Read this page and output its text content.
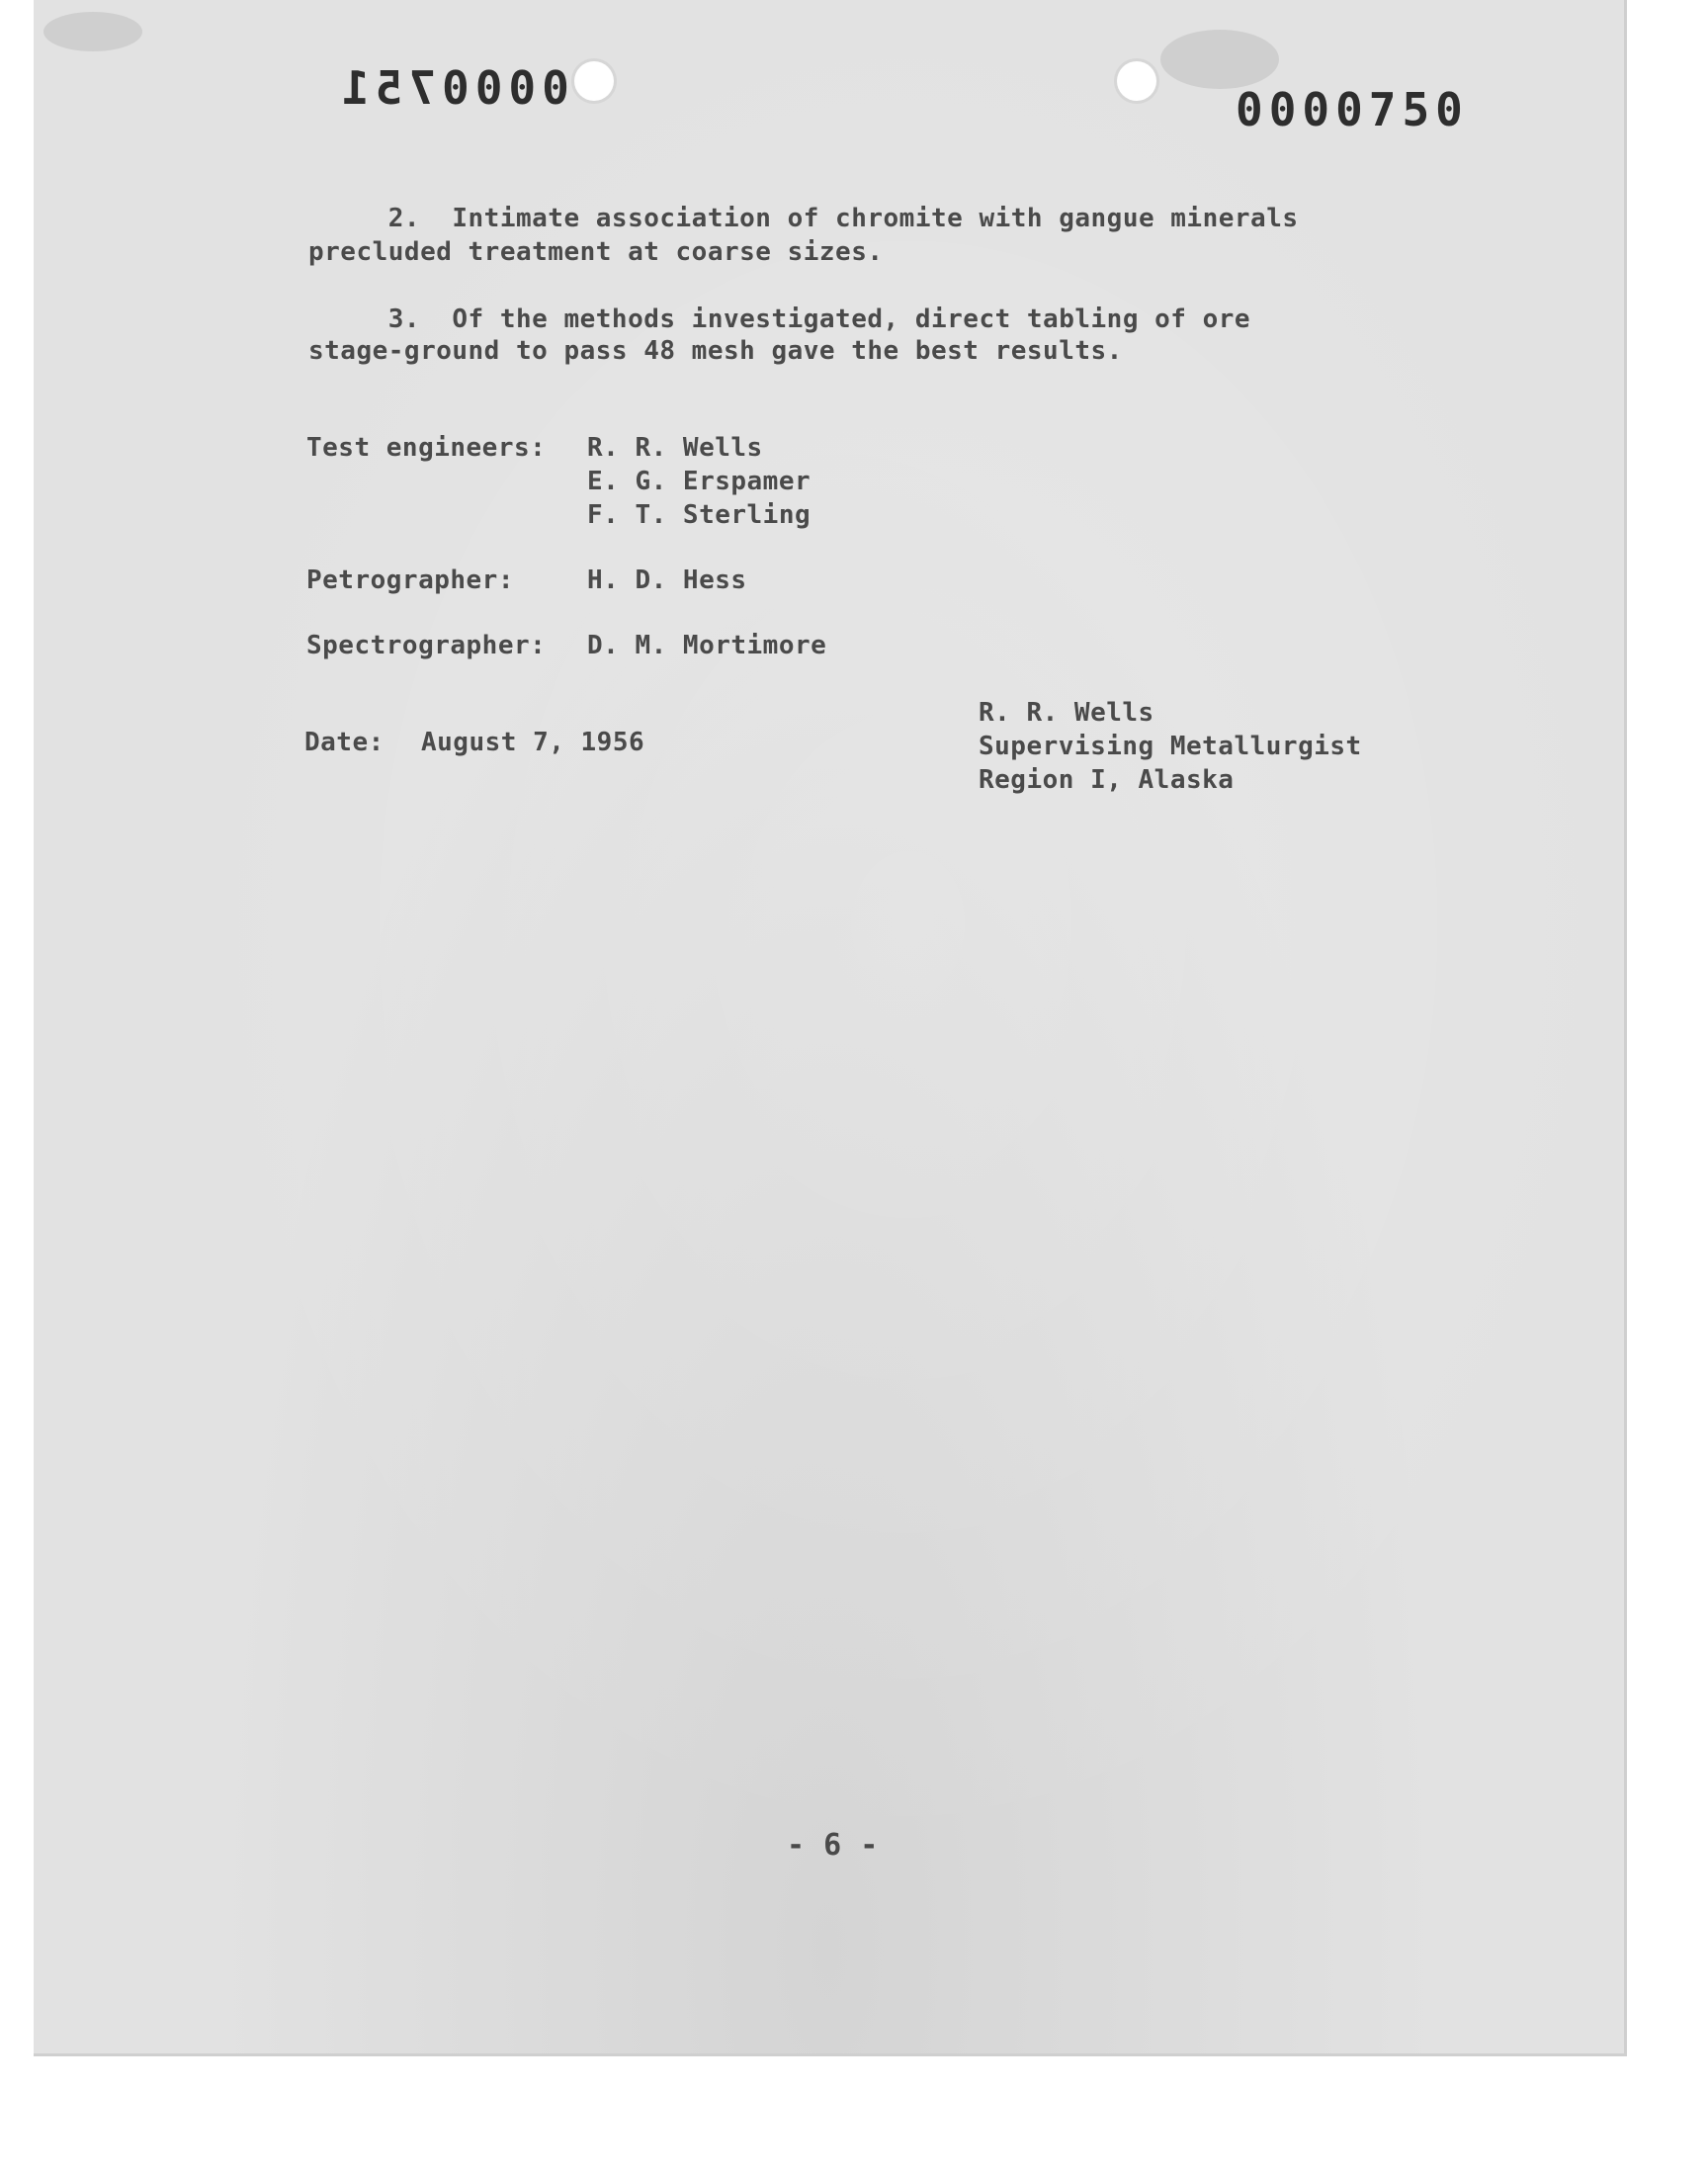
0000751	0000750
2.  Intimate association of chromite with gangue minerals
precluded treatment at coarse sizes.
3.  Of the methods investigated, direct tabling of ore
stage-ground to pass 48 mesh gave the best results.
Test engineers: R. R. Wells
E. G. Erspamer
F. T. Sterling
Petrographer:	H. D. Hess
Spectrographer: D. M. Mortimore
Date: August 7, 1956
R. R. Wells
Supervising Metallurgist
Region I, Alaska
- 6 -
